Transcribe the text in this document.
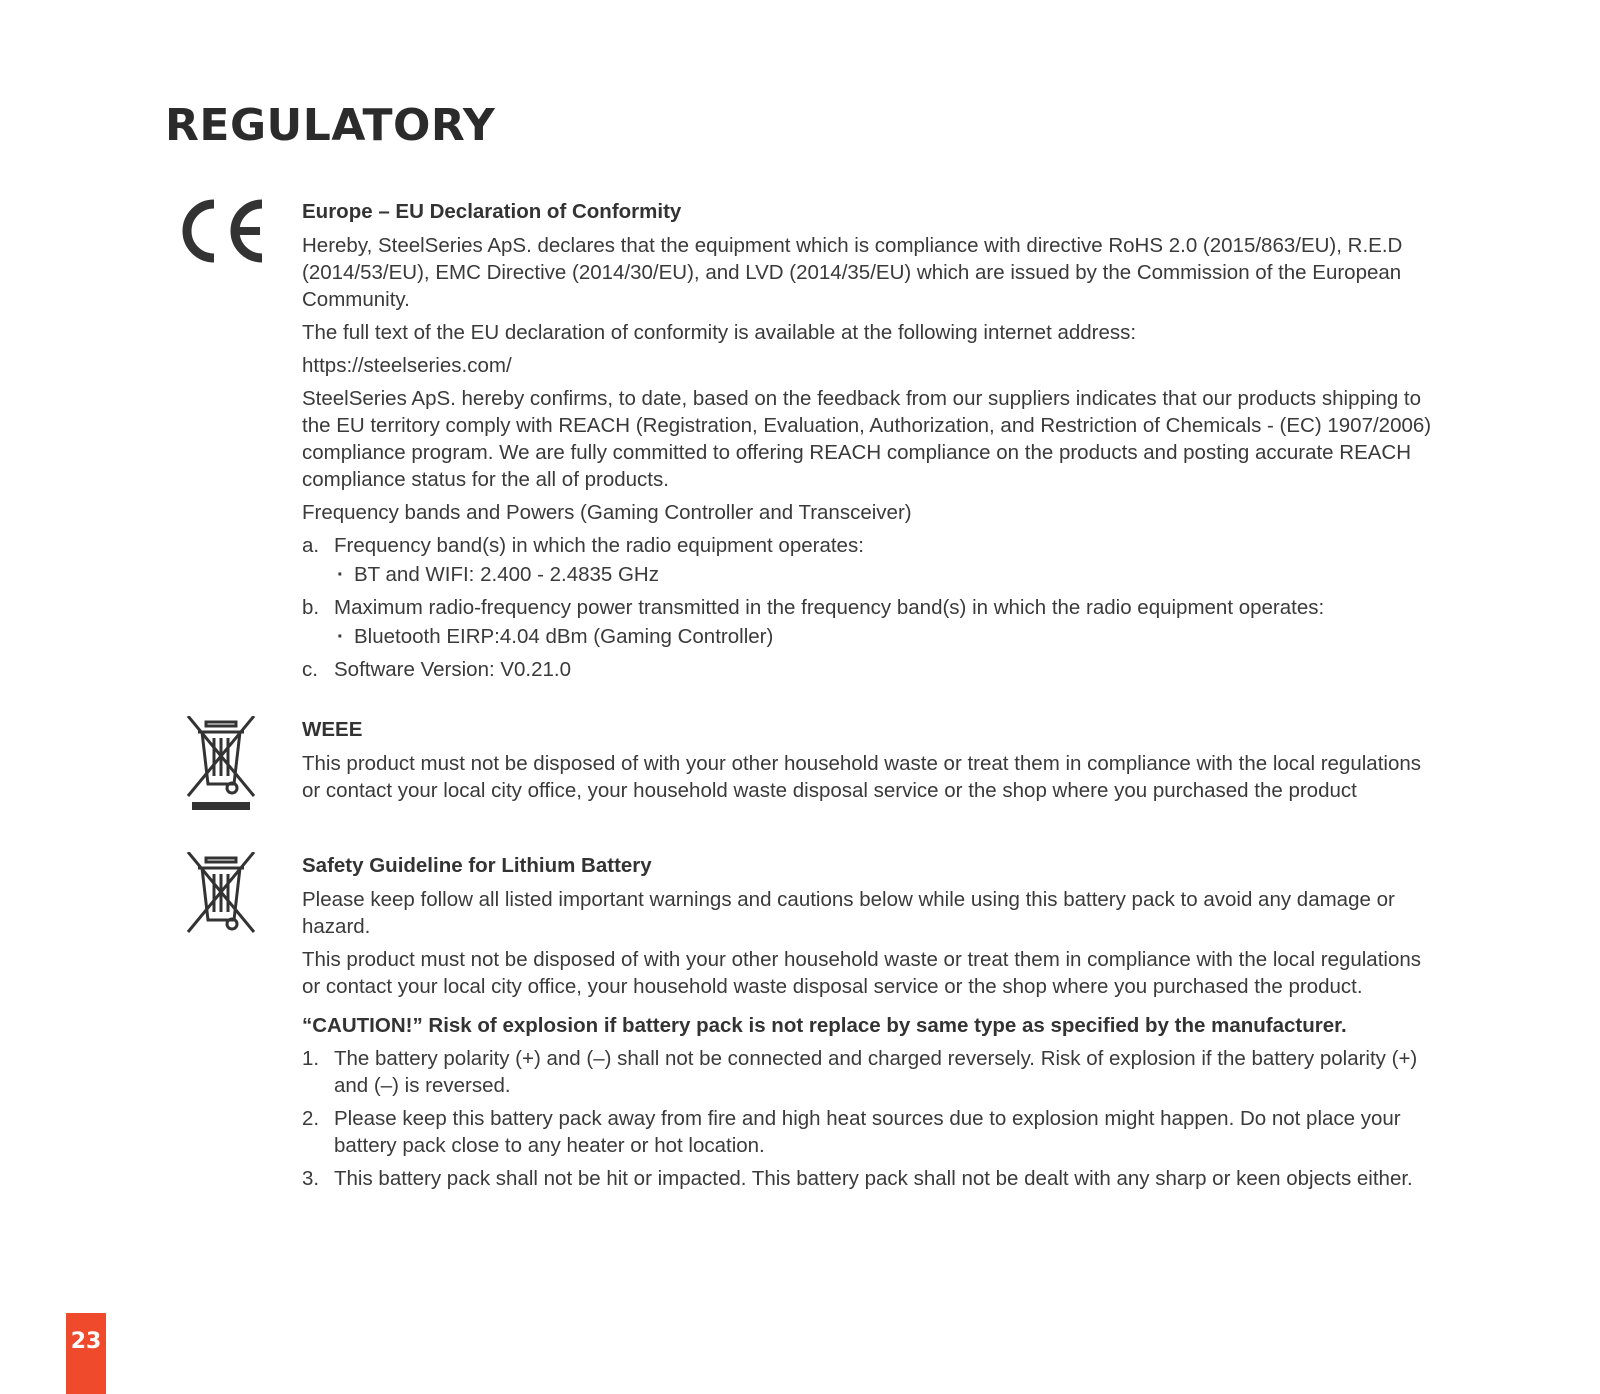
REGULATORY

Europe – EU Declaration of Conformity

Hereby, SteelSeries ApS. declares that the equipment which is compliance with directive RoHS 2.0 (2015/863/EU), R.E.D (2014/53/EU), EMC Directive (2014/30/EU), and LVD (2014/35/EU) which are issued by the Commission of the European Community.

The full text of the EU declaration of conformity is available at the following internet address:

https://steelseries.com/

SteelSeries ApS. hereby confirms, to date, based on the feedback from our suppliers indicates that our products shipping to the EU territory comply with REACH (Registration, Evaluation, Authorization, and Restriction of Chemicals - (EC) 1907/2006) compliance program. We are fully committed to offering REACH compliance on the products and posting accurate REACH compliance status for the all of products.

Frequency bands and Powers (Gaming Controller and Transceiver)

a. Frequency band(s) in which the radio equipment operates:
· BT and WIFI: 2.400 - 2.4835 GHz
b. Maximum radio-frequency power transmitted in the frequency band(s) in which the radio equipment operates:
· Bluetooth EIRP:4.04 dBm (Gaming Controller)
c. Software Version: V0.21.0

WEEE

This product must not be disposed of with your other household waste or treat them in compliance with the local regulations or contact your local city office, your household waste disposal service or the shop where you purchased the product

Safety Guideline for Lithium Battery

Please keep follow all listed important warnings and cautions below while using this battery pack to avoid any damage or hazard.

This product must not be disposed of with your other household waste or treat them in compliance with the local regulations or contact your local city office, your household waste disposal service or the shop where you purchased the product.

“CAUTION!” Risk of explosion if battery pack is not replace by same type as specified by the manufacturer.

1. The battery polarity (+) and (–) shall not be connected and charged reversely. Risk of explosion if the battery polarity (+) and (–) is reversed.
2. Please keep this battery pack away from fire and high heat sources due to explosion might happen. Do not place your battery pack close to any heater or hot location.
3. This battery pack shall not be hit or impacted. This battery pack shall not be dealt with any sharp or keen objects either.
23
